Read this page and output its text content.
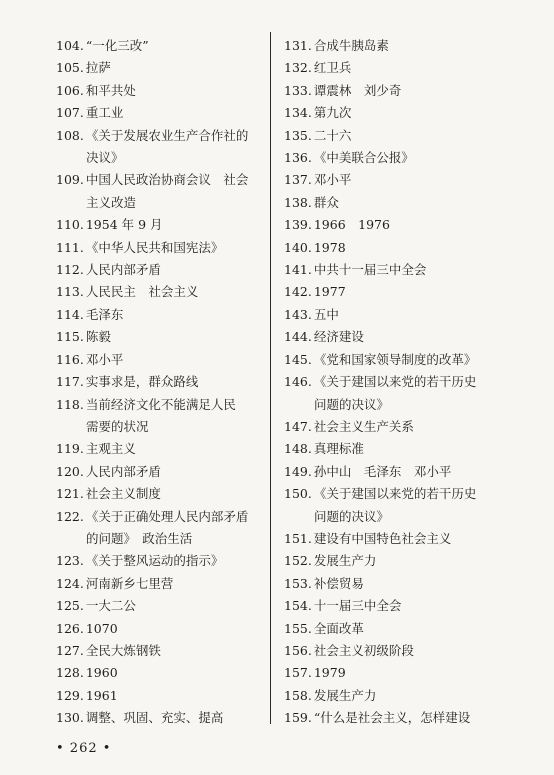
104. “一化三改”
105. 拉萨
106. 和平共处
107. 重工业
108. 《关于发展农业生产合作社的
决议》
109. 中国人民政治协商会议　社会
主义改造
110. 1954 年 9 月
111. 《中华人民共和国宪法》
112. 人民内部矛盾
113. 人民民主　社会主义
114. 毛泽东
115. 陈毅
116. 邓小平
117. 实事求是，群众路线
118. 当前经济文化不能满足人民
需要的状况
119. 主观主义
120. 人民内部矛盾
121. 社会主义制度
122. 《关于正确处理人民内部矛盾
的问题》　政治生活
123. 《关于整风运动的指示》
124. 河南新乡七里营
125. 一大二公
126. 1070
127. 全民大炼钢铁
128. 1960
129. 1961
130. 调整、巩固、充实、提高
131. 合成牛胰岛素
132. 红卫兵
133. 谭震林　刘少奇
134. 第九次
135. 二十六
136. 《中美联合公报》
137. 邓小平
138. 群众
139. 1966　1976
140. 1978
141. 中共十一届三中全会
142. 1977
143. 五中
144. 经济建设
145. 《党和国家领导制度的改革》
146. 《关于建国以来党的若干历史
问题的决议》
147. 社会主义生产关系
148. 真理标准
149. 孙中山　毛泽东　邓小平
150. 《关于建国以来党的若干历史
问题的决议》
151. 建设有中国特色社会主义
152. 发展生产力
153. 补偿贸易
154. 十一届三中全会
155. 全面改革
156. 社会主义初级阶段
157. 1979
158. 发展生产力
159. “什么是社会主义，怎样建设
• 262 •
